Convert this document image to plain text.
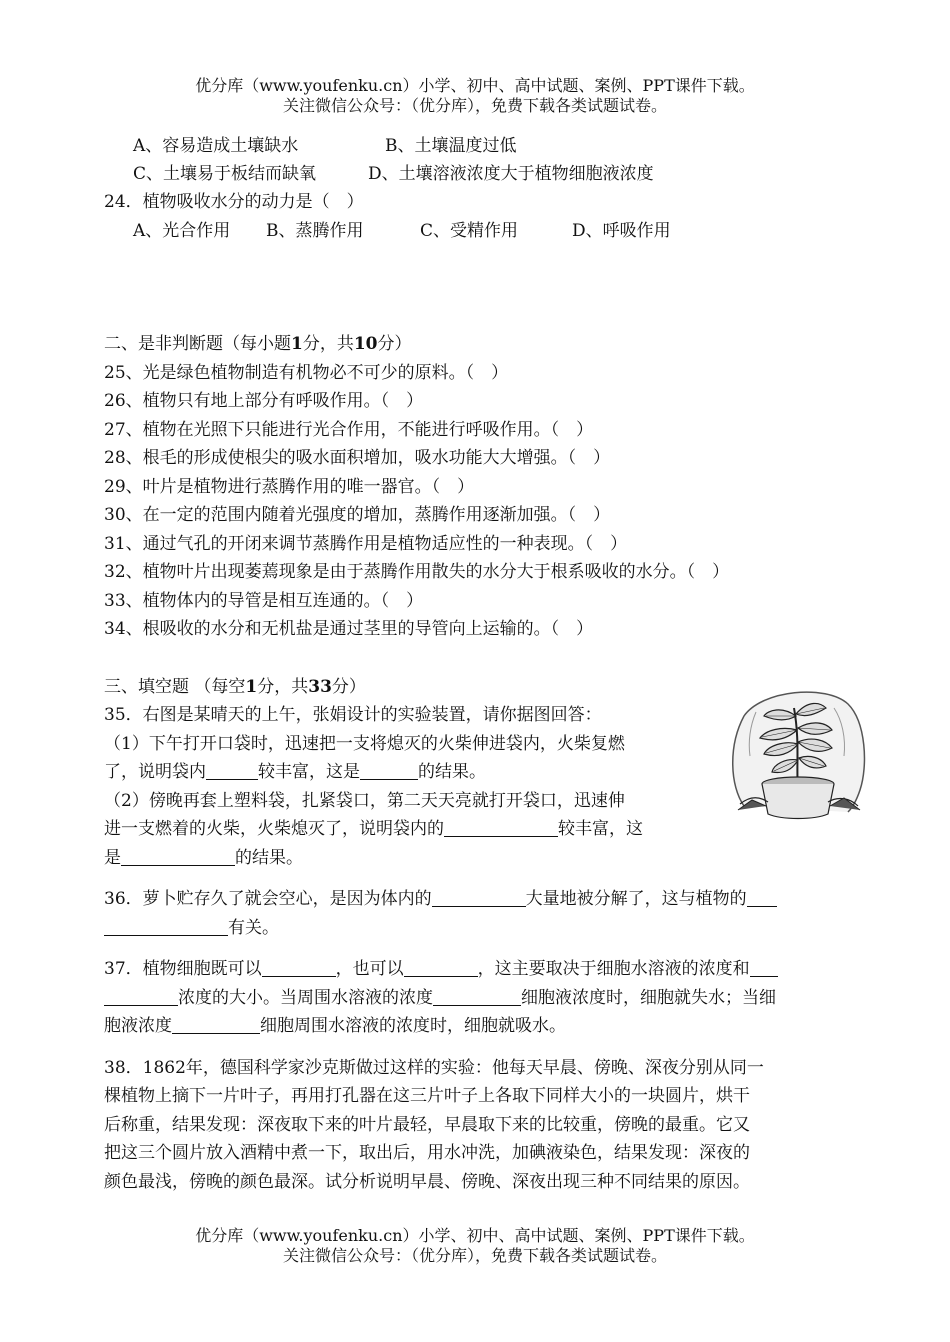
优分库（www.youfenku.cn）小学、初中、高中试题、案例、PPT课件下载。
关注微信公众号：（优分库），免费下载各类试题试卷。
A、容易造成土壤缺水	B、土壤温度过低
C、土壤易于板结而缺氧	D、土壤溶液浓度大于植物细胞液浓度
24．植物吸收水分的动力是（　）
A、光合作用 B、蒸腾作用	C、受精作用	D、呼吸作用
二、是非判断题（每小题1分，共10分）
25、光是绿色植物制造有机物必不可少的原料。（　）
26、植物只有地上部分有呼吸作用。（　）
27、植物在光照下只能进行光合作用，不能进行呼吸作用。（　）
28、根毛的形成使根尖的吸水面积增加，吸水功能大大增强。（　）
29、叶片是植物进行蒸腾作用的唯一器官。（　）
30、在一定的范围内随着光强度的增加，蒸腾作用逐渐加强。（　）
31、通过气孔的开闭来调节蒸腾作用是植物适应性的一种表现。（　）
32、植物叶片出现萎蔫现象是由于蒸腾作用散失的水分大于根系吸收的水分。（　）
33、植物体内的导管是相互连通的。（　）
34、根吸收的水分和无机盐是通过茎里的导管向上运输的。（　）
三、填空题 （每空1分，共33分）
35．右图是某晴天的上午，张娟设计的实验装置，请你据图回答：
（1）下午打开口袋时，迅速把一支将熄灭的火柴伸进袋内，火柴复燃
了，说明袋内	较丰富，这是	的结果。
（2）傍晚再套上塑料袋，扎紧袋口，第二天天亮就打开袋口，迅速伸
进一支燃着的火柴，火柴熄灭了，说明袋内的	较丰富，这
是	的结果。
36．萝卜贮存久了就会空心，是因为体内的	大量地被分解了，这与植物的
有关。
37．植物细胞既可以	，也可以	，这主要取决于细胞水溶液的浓度和
浓度的大小。当周围水溶液的浓度	细胞液浓度时，细胞就失水；当细
胞液浓度	细胞周围水溶液的浓度时，细胞就吸水。
38．1862年，德国科学家沙克斯做过这样的实验：他每天早晨、傍晚、深夜分别从同一
棵植物上摘下一片叶子，再用打孔器在这三片叶子上各取下同样大小的一块圆片，烘干
后称重，结果发现：深夜取下来的叶片最轻，早晨取下来的比较重，傍晚的最重。它又
把这三个圆片放入酒精中煮一下，取出后，用水冲洗，加碘液染色，结果发现：深夜的
颜色最浅，傍晚的颜色最深。试分析说明早晨、傍晚、深夜出现三种不同结果的原因。
优分库（www.youfenku.cn）小学、初中、高中试题、案例、PPT课件下载。
关注微信公众号：（优分库），免费下载各类试题试卷。
